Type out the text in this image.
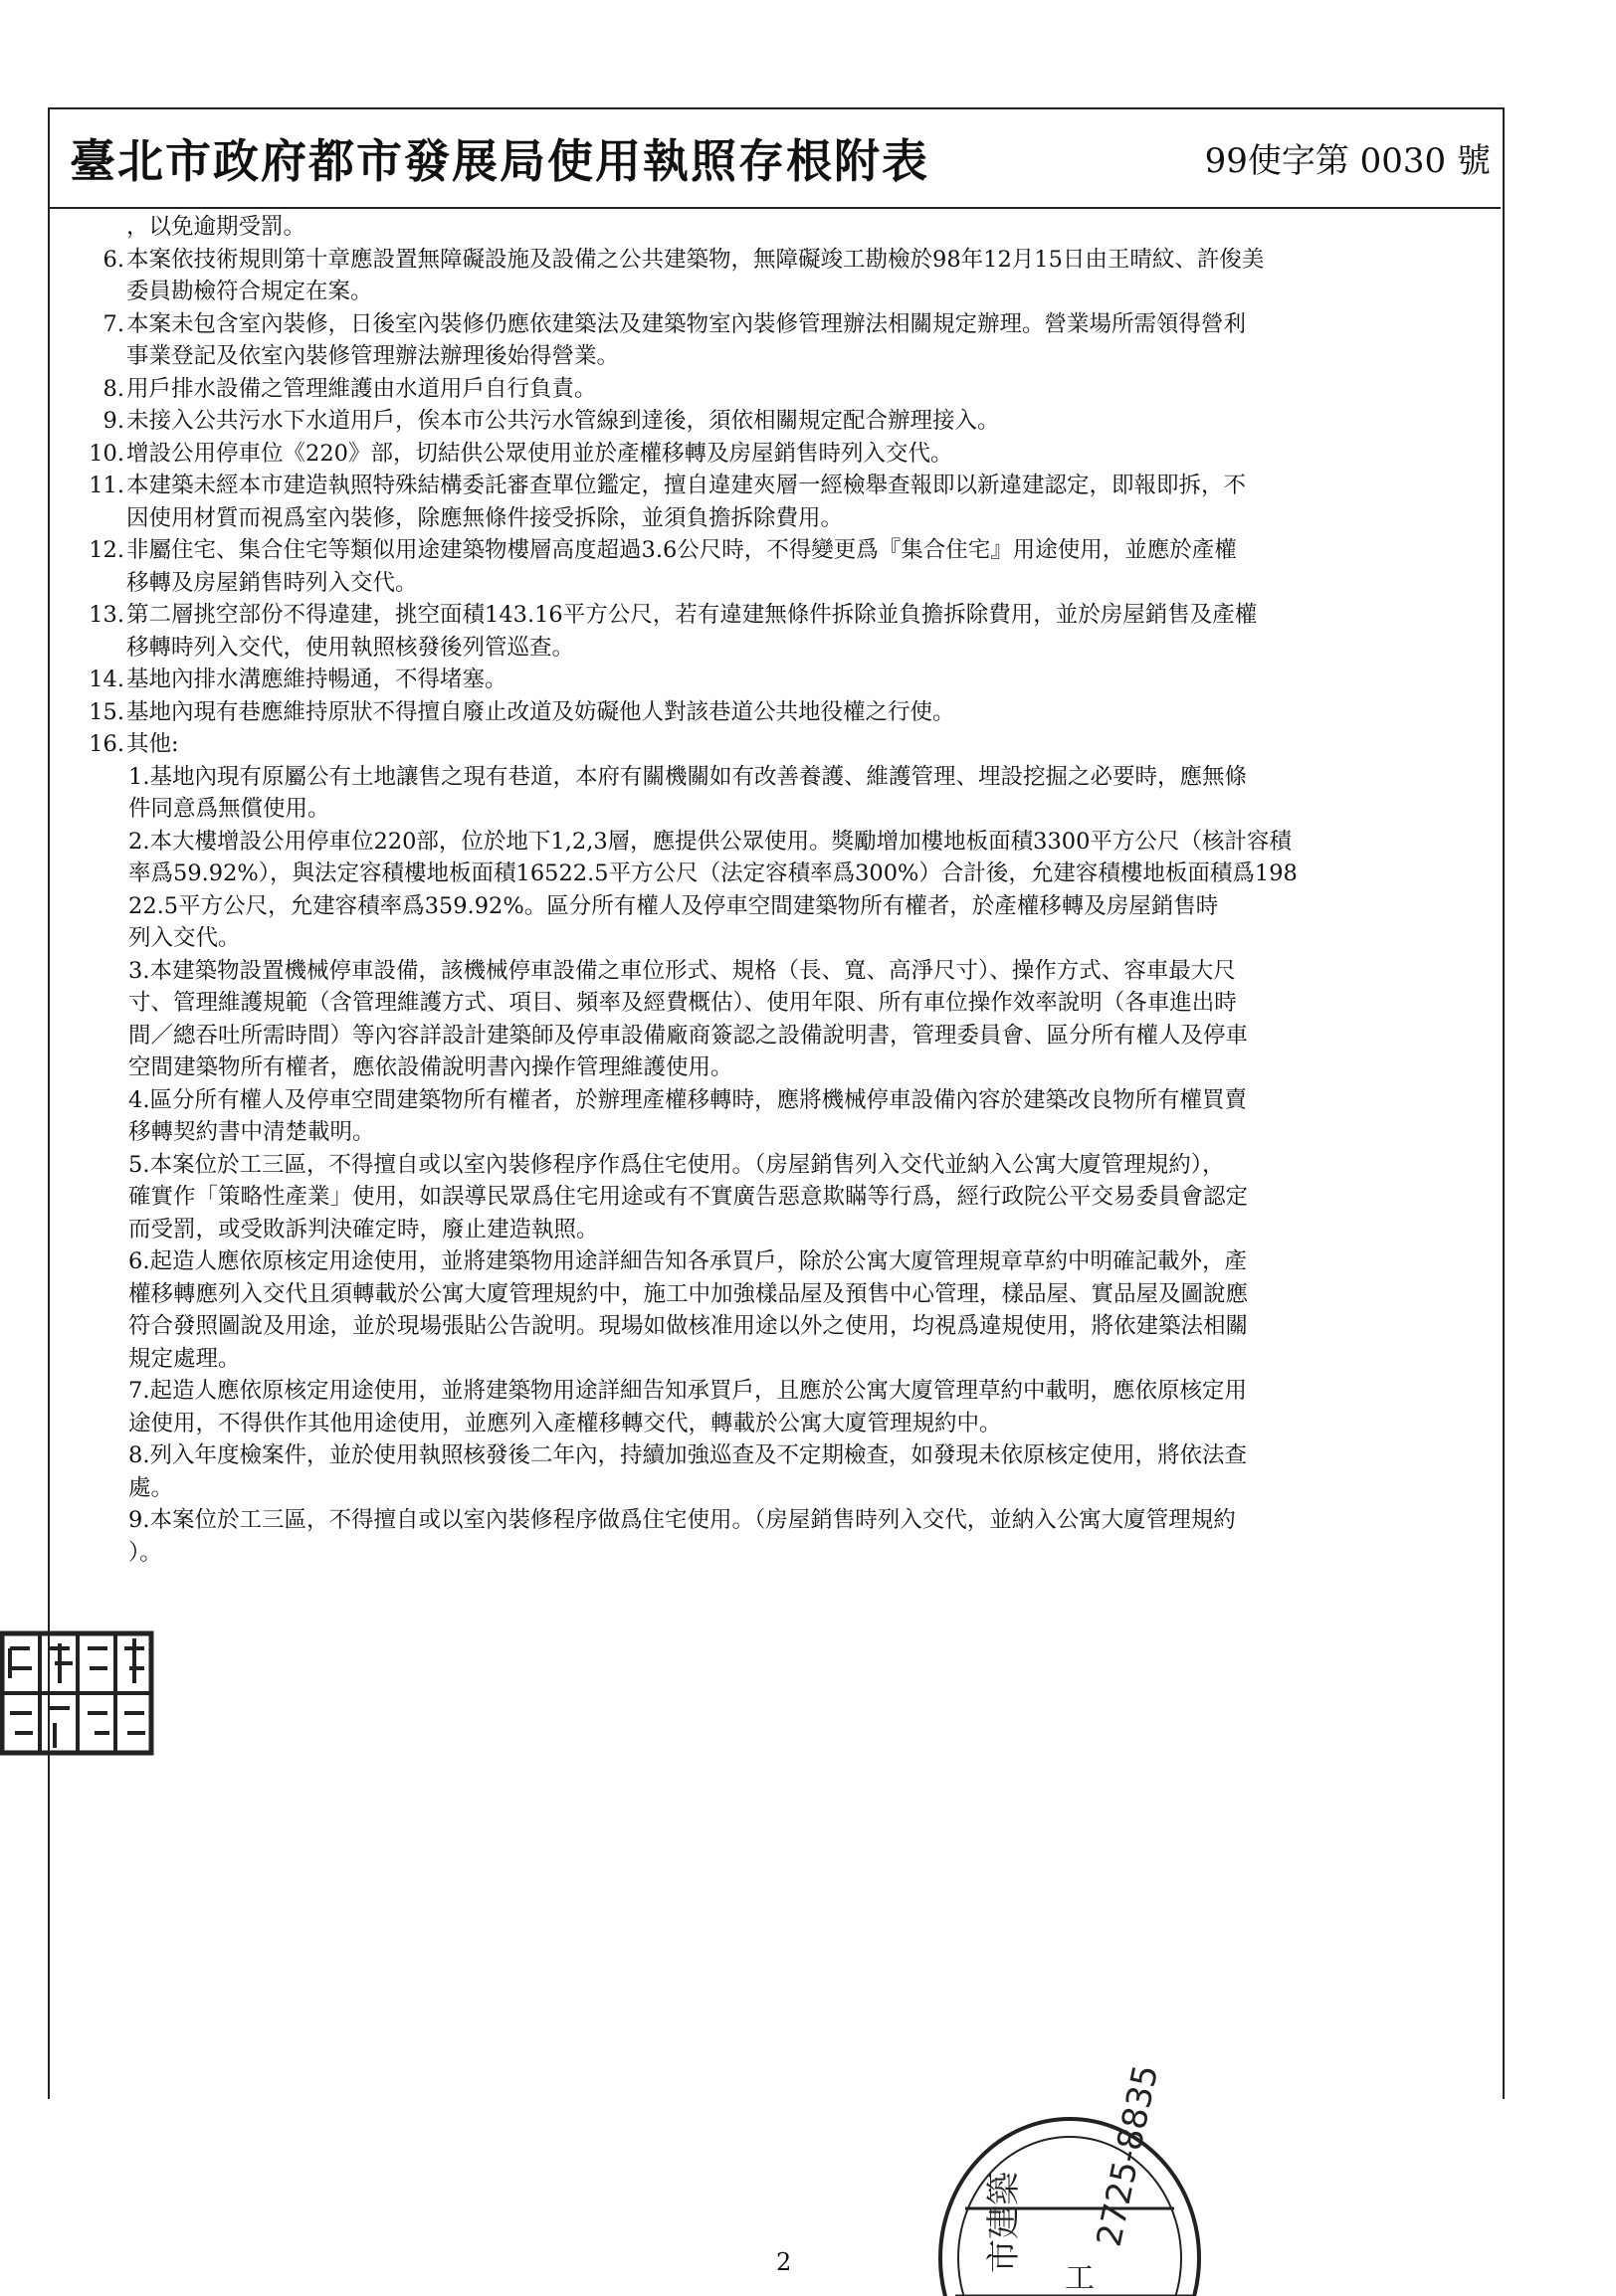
臺北市政府都市發展局使用執照存根附表	99使字第 0030 號
，以免逾期受罰。
6. 本案依技術規則第十章應設置無障礙設施及設備之公共建築物，無障礙竣工勘檢於98年12月15日由王晴紋、許俊美
委員勘檢符合規定在案。
7. 本案未包含室內裝修，日後室內裝修仍應依建築法及建築物室內裝修管理辦法相關規定辦理。營業場所需領得營利
事業登記及依室內裝修管理辦法辦理後始得營業。
8. 用戶排水設備之管理維護由水道用戶自行負責。
9. 未接入公共污水下水道用戶，俟本市公共污水管線到達後，須依相關規定配合辦理接入。
10. 增設公用停車位《220》部，切結供公眾使用並於產權移轉及房屋銷售時列入交代。
11. 本建築未經本市建造執照特殊結構委託審查單位鑑定，擅自違建夾層一經檢舉查報即以新違建認定，即報即拆，不
因使用材質而視爲室內裝修，除應無條件接受拆除，並須負擔拆除費用。
12. 非屬住宅、集合住宅等類似用途建築物樓層高度超過3.6公尺時，不得變更爲『集合住宅』用途使用，並應於產權
移轉及房屋銷售時列入交代。
13. 第二層挑空部份不得違建，挑空面積143.16平方公尺，若有違建無條件拆除並負擔拆除費用，並於房屋銷售及產權
移轉時列入交代，使用執照核發後列管巡查。
14. 基地內排水溝應維持暢通，不得堵塞。
15. 基地內現有巷應維持原狀不得擅自廢止改道及妨礙他人對該巷道公共地役權之行使。
16. 其他:
1.基地內現有原屬公有土地讓售之現有巷道，本府有關機關如有改善養護、維護管理、埋設挖掘之必要時，應無條
件同意爲無償使用。
2.本大樓增設公用停車位220部，位於地下1,2,3層，應提供公眾使用。獎勵增加樓地板面積3300平方公尺（核計容積
率爲59.92%），與法定容積樓地板面積16522.5平方公尺（法定容積率爲300%）合計後，允建容積樓地板面積爲198
22.5平方公尺，允建容積率爲359.92%。區分所有權人及停車空間建築物所有權者，於產權移轉及房屋銷售時
列入交代。
3.本建築物設置機械停車設備，該機械停車設備之車位形式、規格（長、寬、高淨尺寸）、操作方式、容車最大尺
寸、管理維護規範（含管理維護方式、項目、頻率及經費概估）、使用年限、所有車位操作效率說明（各車進出時
間／總吞吐所需時間）等內容詳設計建築師及停車設備廠商簽認之設備說明書，管理委員會、區分所有權人及停車
空間建築物所有權者，應依設備說明書內操作管理維護使用。
4.區分所有權人及停車空間建築物所有權者，於辦理產權移轉時，應將機械停車設備內容於建築改良物所有權買賣
移轉契約書中清楚載明。
5.本案位於工三區，不得擅自或以室內裝修程序作爲住宅使用。（房屋銷售列入交代並納入公寓大廈管理規約），
確實作「策略性產業」使用，如誤導民眾爲住宅用途或有不實廣告惡意欺瞞等行爲，經行政院公平交易委員會認定
而受罰，或受敗訴判決確定時，廢止建造執照。
6.起造人應依原核定用途使用，並將建築物用途詳細告知各承買戶，除於公寓大廈管理規章草約中明確記載外，產
權移轉應列入交代且須轉載於公寓大廈管理規約中，施工中加強樣品屋及預售中心管理，樣品屋、實品屋及圖說應
符合發照圖說及用途，並於現場張貼公告說明。現場如做核准用途以外之使用，均視爲違規使用，將依建築法相關
規定處理。
7.起造人應依原核定用途使用，並將建築物用途詳細告知承買戶，且應於公寓大廈管理草約中載明，應依原核定用
途使用，不得供作其他用途使用，並應列入產權移轉交代，轉載於公寓大廈管理規約中。
8.列入年度檢案件，並於使用執照核發後二年內，持續加強巡查及不定期檢查，如發現未依原核定使用，將依法查
處。
9.本案位於工三區，不得擅自或以室內裝修程序做爲住宅使用。（房屋銷售時列入交代，並納入公寓大廈管理規約
）。
2725-8835
市建築
工
2
